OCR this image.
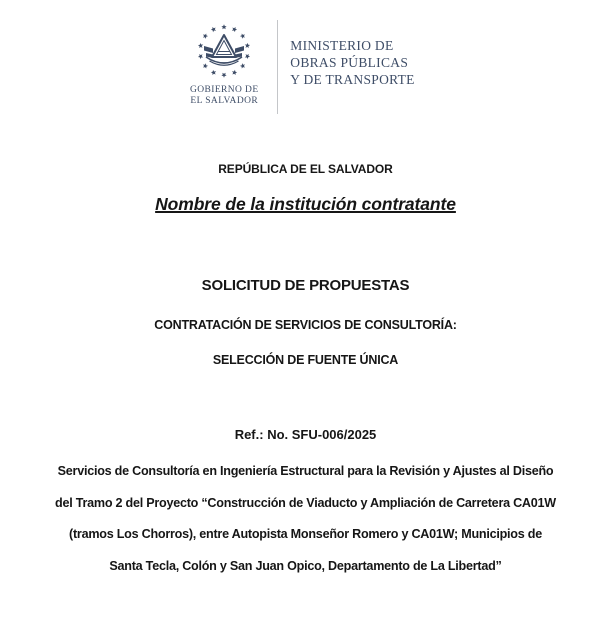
GOBIERNO DE
EL SALVADOR
MINISTERIO DE
OBRAS PÚBLICAS
Y DE TRANSPORTE
REPÚBLICA DE EL SALVADOR
Nombre de la institución contratante
SOLICITUD DE PROPUESTAS
CONTRATACIÓN DE SERVICIOS DE CONSULTORÍA:
SELECCIÓN DE FUENTE ÚNICA
Ref.: No. SFU-006/2025
Servicios de Consultoría en Ingeniería Estructural para la Revisión y Ajustes al Diseño
del Tramo 2 del Proyecto “Construcción de Viaducto y Ampliación de Carretera CA01W
(tramos Los Chorros), entre Autopista Monseñor Romero y CA01W; Municipios de
Santa Tecla, Colón y San Juan Opico, Departamento de La Libertad”
